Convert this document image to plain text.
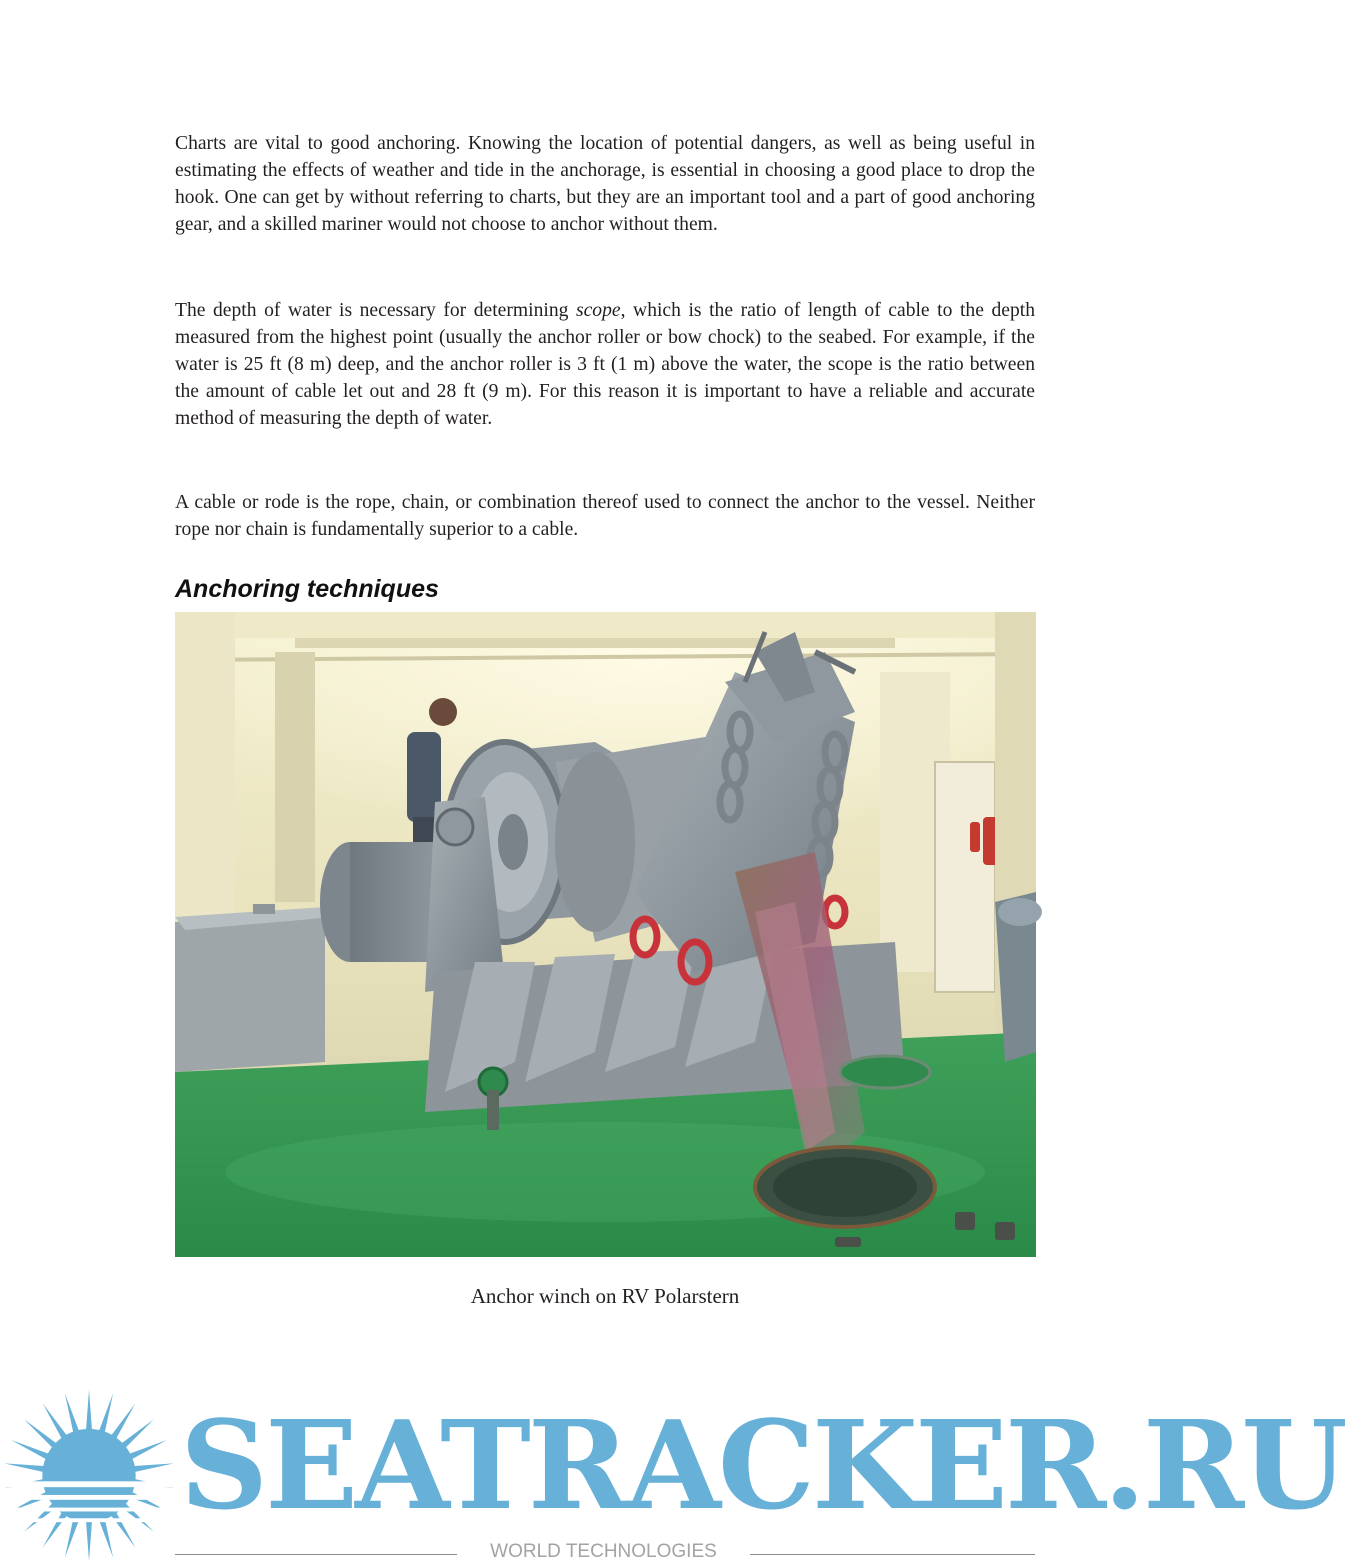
Charts are vital to good anchoring. Knowing the location of potential dangers, as well as being useful in estimating the effects of weather and tide in the anchorage, is essential in choosing a good place to drop the hook. One can get by without referring to charts, but they are an important tool and a part of good anchoring gear, and a skilled mariner would not choose to anchor without them.

The depth of water is necessary for determining scope, which is the ratio of length of cable to the depth measured from the highest point (usually the anchor roller or bow chock) to the seabed. For example, if the water is 25 ft (8 m) deep, and the anchor roller is 3 ft (1 m) above the water, the scope is the ratio between the amount of cable let out and 28 ft (9 m). For this reason it is important to have a reliable and accurate method of measuring the depth of water.

A cable or rode is the rope, chain, or combination thereof used to connect the anchor to the vessel. Neither rope nor chain is fundamentally superior to a cable.

Anchoring techniques

Anchor winch on RV Polarstern

SEATRACKER.RU
WORLD TECHNOLOGIES
